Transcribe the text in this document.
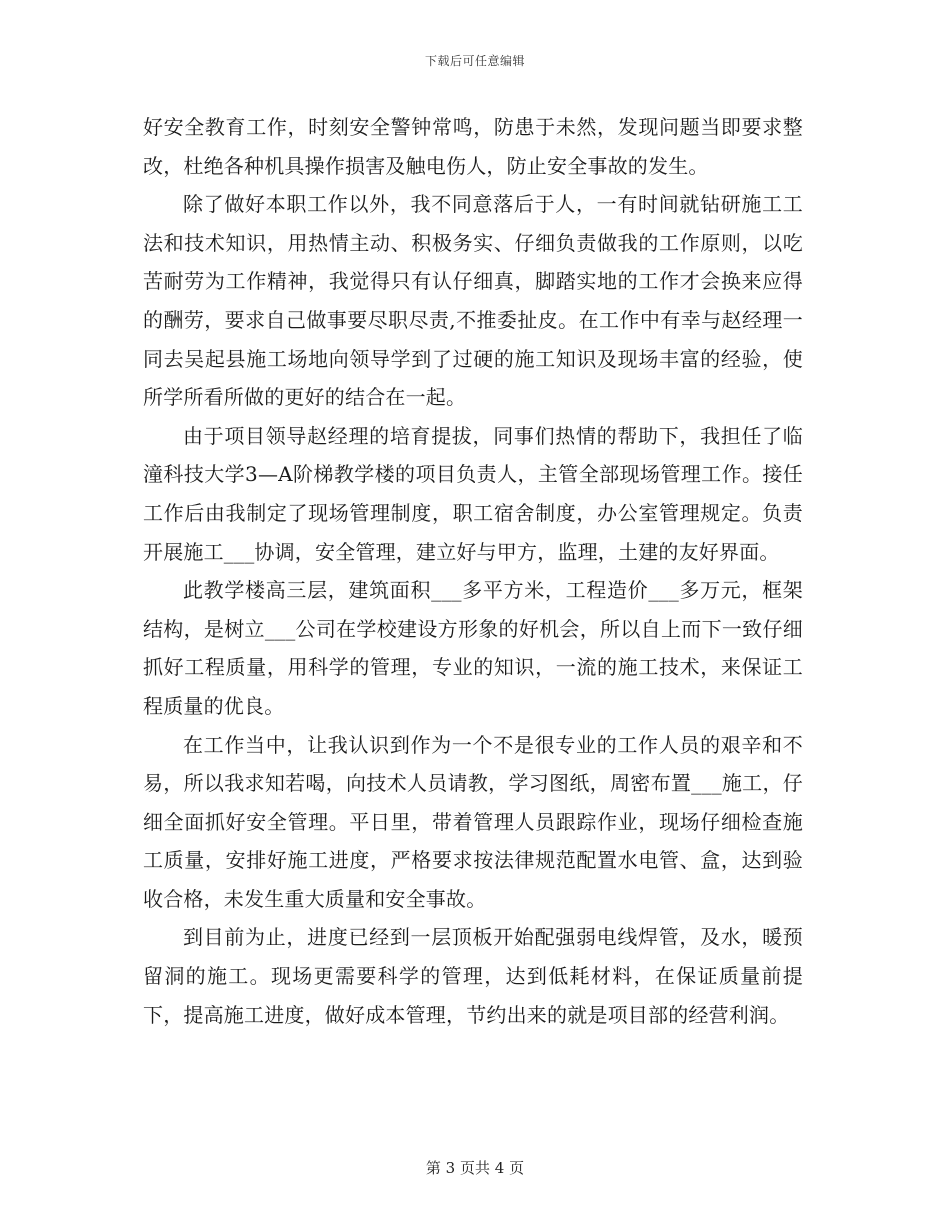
下载后可任意编辑

好安全教育工作，时刻安全警钟常鸣，防患于未然，发现问题当即要求整改，杜绝各种机具操作损害及触电伤人，防止安全事故的发生。

除了做好本职工作以外，我不同意落后于人，一有时间就钻研施工工法和技术知识，用热情主动、积极务实、仔细负责做我的工作原则，以吃苦耐劳为工作精神，我觉得只有认仔细真，脚踏实地的工作才会换来应得的酬劳，要求自己做事要尽职尽责,不推委扯皮。在工作中有幸与赵经理一同去吴起县施工场地向领导学到了过硬的施工知识及现场丰富的经验，使所学所看所做的更好的结合在一起。

由于项目领导赵经理的培育提拔，同事们热情的帮助下，我担任了临潼科技大学3—A阶梯教学楼的项目负责人，主管全部现场管理工作。接任工作后由我制定了现场管理制度，职工宿舍制度，办公室管理规定。负责开展施工___协调，安全管理，建立好与甲方，监理，土建的友好界面。

此教学楼高三层，建筑面积___多平方米，工程造价___多万元，框架结构，是树立___公司在学校建设方形象的好机会，所以自上而下一致仔细抓好工程质量，用科学的管理，专业的知识，一流的施工技术，来保证工程质量的优良。

在工作当中，让我认识到作为一个不是很专业的工作人员的艰辛和不易，所以我求知若喝，向技术人员请教，学习图纸，周密布置___施工，仔细全面抓好安全管理。平日里，带着管理人员跟踪作业，现场仔细检查施工质量，安排好施工进度，严格要求按法律规范配置水电管、盒，达到验收合格，未发生重大质量和安全事故。

到目前为止，进度已经到一层顶板开始配强弱电线焊管，及水，暖预留洞的施工。现场更需要科学的管理，达到低耗材料，在保证质量前提下，提高施工进度，做好成本管理，节约出来的就是项目部的经营利润。

第 3 页共 4 页
